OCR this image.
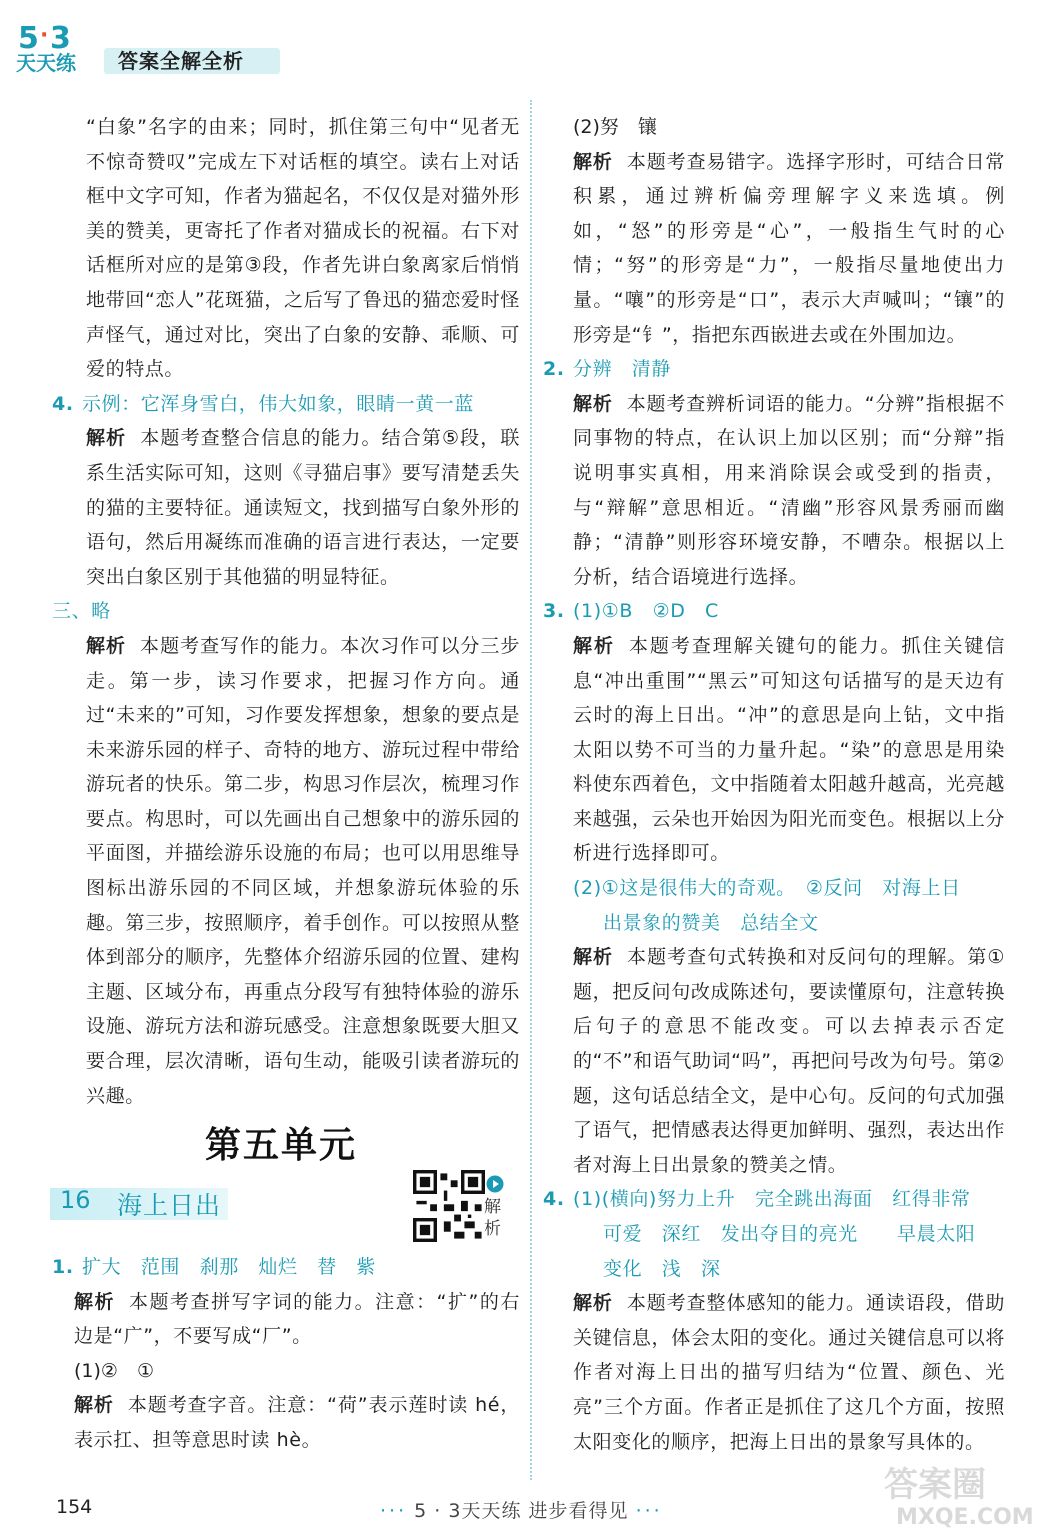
5 · 3
天天练 答案全解全析

“白象”名字的由来；同时，抓住第三句中“见者无不惊奇赞叹”完成左下对话框的填空。读右上对话框中文字可知，作者为猫起名，不仅仅是对猫外形美的赞美，更寄托了作者对猫成长的祝福。右下对话框所对应的是第③段，作者先讲白象离家后悄悄地带回“恋人”花斑猫，之后写了鲁迅的猫恋爱时怪声怪气，通过对比，突出了白象的安静、乖顺、可爱的特点。

4. 示例：它浑身雪白，伟大如象，眼睛一黄一蓝

解析 本题考查整合信息的能力。结合第⑤段，联系生活实际可知，这则《寻猫启事》要写清楚丢失的猫的主要特征。通读短文，找到描写白象外形的语句，然后用凝练而准确的语言进行表达，一定要突出白象区别于其他猫的明显特征。

三、略

解析 本题考查写作的能力。本次习作可以分三步走。第一步，读习作要求，把握习作方向。通过“未来的”可知，习作要发挥想象，想象的要点是未来游乐园的样子、奇特的地方、游玩过程中带给游玩者的快乐。第二步，构思习作层次，梳理习作要点。构思时，可以先画出自己想象中的游乐园的平面图，并描绘游乐设施的布局；也可以用思维导图标出游乐园的不同区域，并想象游玩体验的乐趣。第三步，按照顺序，着手创作。可以按照从整体到部分的顺序，先整体介绍游乐园的位置、建构主题、区域分布，再重点分段写有独特体验的游乐设施、游玩方法和游玩感受。注意想象既要大胆又要合理，层次清晰，语句生动，能吸引读者游玩的兴趣。

第五单元
16 海上日出	解析

1. 扩大　范围　刹那　灿烂　替　紫

解析 本题考查拼写字词的能力。注意：“扩”的右边是“广”，不要写成“厂”。

(1)②　①

解析 本题考查字音。注意：“荷”表示莲时读 hé，表示扛、担等意思时读 hè。

(2)努　镶

解析 本题考查易错字。选择字形时，可结合日常积累，通过辨析偏旁理解字义来选填。例如，“怒”的形旁是“心”，一般指生气时的心情；“努”的形旁是“力”，一般指尽量地使出力量。“嚷”的形旁是“口”，表示大声喊叫；“镶”的形旁是“钅”，指把东西嵌进去或在外围加边。

2. 分辨　清静

解析 本题考查辨析词语的能力。“分辨”指根据不同事物的特点，在认识上加以区别；而“分辩”指说明事实真相，用来消除误会或受到的指责，与“辩解”意思相近。“清幽”形容风景秀丽而幽静；“清静”则形容环境安静，不嘈杂。根据以上分析，结合语境进行选择。

3. (1)①B　②D　C

解析 本题考查理解关键句的能力。抓住关键信息“冲出重围”“黑云”可知这句话描写的是天边有云时的海上日出。“冲”的意思是向上钻，文中指太阳以势不可当的力量升起。“染”的意思是用染料使东西着色，文中指随着太阳越升越高，光亮越来越强，云朵也开始因为阳光而变色。根据以上分析进行选择即可。

(2)①这是很伟大的奇观。　②反问　对海上日

出景象的赞美　总结全文

解析 本题考查句式转换和对反问句的理解。第①题，把反问句改成陈述句，要读懂原句，注意转换后句子的意思不能改变。可以去掉表示否定的“不”和语气助词“吗”，再把问号改为句号。第②题，这句话总结全文，是中心句。反问的句式加强了语气，把情感表达得更加鲜明、强烈，表达出作者对海上日出景象的赞美之情。

4. (1)(横向)努力上升　完全跳出海面　红得非常

可爱　深红　发出夺目的亮光　　早晨太阳

变化　浅　深

解析 本题考查整体感知的能力。通读语段，借助关键信息，体会太阳的变化。通过关键信息可以将作者对海上日出的描写归结为“位置、颜色、光亮”三个方面。作者正是抓住了这几个方面，按照太阳变化的顺序，把海上日出的景象写具体的。

154	··· 5 · 3天天练 进步看得见 ···
答案圈
MXQE.COM
